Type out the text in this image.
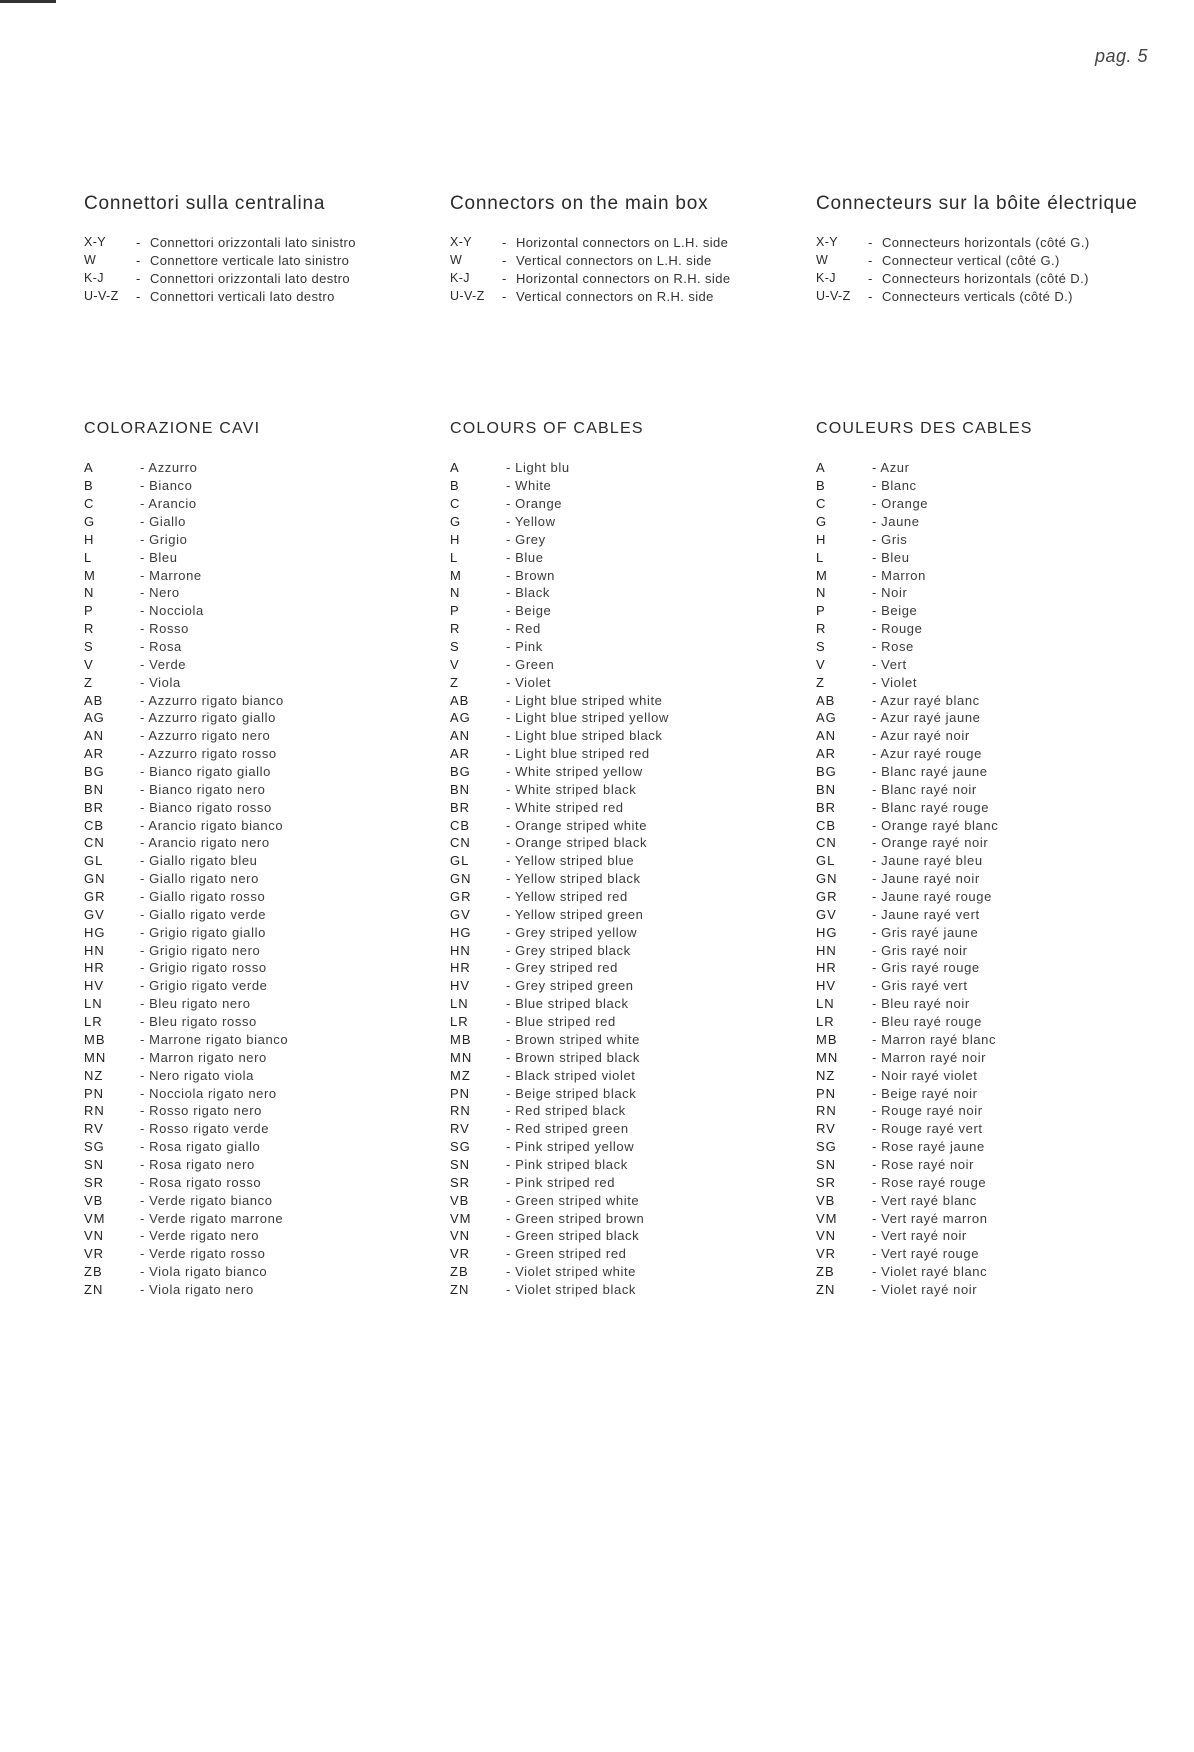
pag. 5
Connettori sulla centralina
X-Y	- Connettori orizzontali lato sinistro
W	- Connettore verticale lato sinistro
K-J	- Connettori orizzontali lato destro
U-V-Z	- Connettori verticali lato destro
COLORAZIONE CAVI
A	- Azzurro
B	- Bianco
C	- Arancio
G	- Giallo
H	- Grigio
L	- Bleu
M	- Marrone
N	- Nero
P	- Nocciola
R	- Rosso
S	- Rosa
V	- Verde
Z	- Viola
AB	- Azzurro rigato bianco
AG	- Azzurro rigato giallo
AN	- Azzurro rigato nero
AR	- Azzurro rigato rosso
BG	- Bianco rigato giallo
BN	- Bianco rigato nero
BR	- Bianco rigato rosso
CB	- Arancio rigato bianco
CN	- Arancio rigato nero
GL	- Giallo rigato bleu
GN	- Giallo rigato nero
GR	- Giallo rigato rosso
GV	- Giallo rigato verde
HG	- Grigio rigato giallo
HN	- Grigio rigato nero
HR	- Grigio rigato rosso
HV	- Grigio rigato verde
LN	- Bleu rigato nero
LR	- Bleu rigato rosso
MB	- Marrone rigato bianco
MN	- Marron rigato nero
NZ	- Nero rigato viola
PN	- Nocciola rigato nero
RN	- Rosso rigato nero
RV	- Rosso rigato verde
SG	- Rosa rigato giallo
SN	- Rosa rigato nero
SR	- Rosa rigato rosso
VB	- Verde rigato bianco
VM	- Verde rigato marrone
VN	- Verde rigato nero
VR	- Verde rigato rosso
ZB	- Viola rigato bianco
ZN	- Viola rigato nero
Connectors on the main box
X-Y	- Horizontal connectors on L.H. side
W	- Vertical connectors on L.H. side
K-J	- Horizontal connectors on R.H. side
U-V-Z	- Vertical connectors on R.H. side
COLOURS OF CABLES
A	- Light blu
B	- White
C	- Orange
G	- Yellow
H	- Grey
L	- Blue
M	- Brown
N	- Black
P	- Beige
R	- Red
S	- Pink
V	- Green
Z	- Violet
AB	- Light blue striped white
AG	- Light blue striped yellow
AN	- Light blue striped black
AR	- Light blue striped red
BG	- White striped yellow
BN	- White striped black
BR	- White striped red
CB	- Orange striped white
CN	- Orange striped black
GL	- Yellow striped blue
GN	- Yellow striped black
GR	- Yellow striped red
GV	- Yellow striped green
HG	- Grey striped yellow
HN	- Grey striped black
HR	- Grey striped red
HV	- Grey striped green
LN	- Blue striped black
LR	- Blue striped red
MB	- Brown striped white
MN	- Brown striped black
MZ	- Black striped violet
PN	- Beige striped black
RN	- Red striped black
RV	- Red striped green
SG	- Pink striped yellow
SN	- Pink striped black
SR	- Pink striped red
VB	- Green striped white
VM	- Green striped brown
VN	- Green striped black
VR	- Green striped red
ZB	- Violet striped white
ZN	- Violet striped black
Connecteurs sur la bôite électrique
X-Y	- Connecteurs horizontals (côté G.)
W	- Connecteur vertical (côté G.)
K-J	- Connecteurs horizontals (côté D.)
U-V-Z	- Connecteurs verticals (côté D.)
COULEURS DES CABLES
A	- Azur
B	- Blanc
C	- Orange
G	- Jaune
H	- Gris
L	- Bleu
M	- Marron
N	- Noir
P	- Beige
R	- Rouge
S	- Rose
V	- Vert
Z	- Violet
AB	- Azur rayé blanc
AG	- Azur rayé jaune
AN	- Azur rayé noir
AR	- Azur rayé rouge
BG	- Blanc rayé jaune
BN	- Blanc rayé noir
BR	- Blanc rayé rouge
CB	- Orange rayé blanc
CN	- Orange rayé noir
GL	- Jaune rayé bleu
GN	- Jaune rayé noir
GR	- Jaune rayé rouge
GV	- Jaune rayé vert
HG	- Gris rayé jaune
HN	- Gris rayé noir
HR	- Gris rayé rouge
HV	- Gris rayé vert
LN	- Bleu rayé noir
LR	- Bleu rayé rouge
MB	- Marron rayé blanc
MN	- Marron rayé noir
NZ	- Noir rayé violet
PN	- Beige rayé noir
RN	- Rouge rayé noir
RV	- Rouge rayé vert
SG	- Rose rayé jaune
SN	- Rose rayé noir
SR	- Rose rayé rouge
VB	- Vert rayé blanc
VM	- Vert rayé marron
VN	- Vert rayé noir
VR	- Vert rayé rouge
ZB	- Violet rayé blanc
ZN	- Violet rayé noir
